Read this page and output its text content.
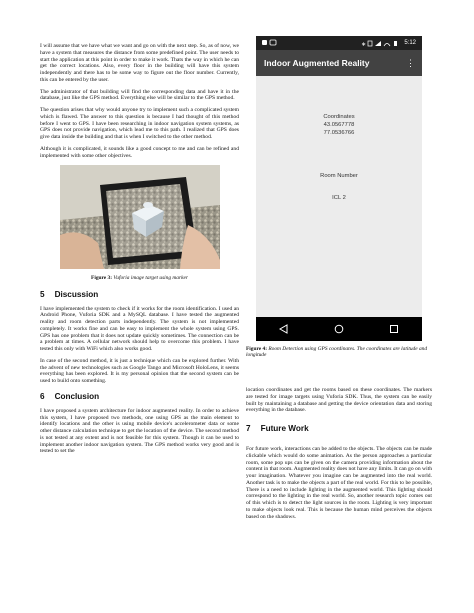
I will assume that we have what we want and go on with the next step. So, as of now, we have a system that measures the distance from some predefined point. The user needs to start the application at this point in order to make it work. Thats the way in which he can get the correct locations. Also, every floor in the building will have this system independently and there has to be some way to figure out the floor number. Currently, this can be entered by the user.

The administrator of that building will find the corresponding data and have it in the database, just like the GPS method. Everything else will be similar to the GPS method.

The question arises that why would anyone try to implement such a complicated system which is flawed. The answer to this question is because I had thought of this method before I went to GPS. I have been researching in indoor navigation system systems, as GPS does not provide navigation, which lead me to this path. I realized that GPS does give data inside the building and that is when I switched to the other method.

Although it is complicated, it sounds like a good concept to me and can be refined and implemented with some other objectives.

Figure 3: Vuforia image target using marker
5 Discussion

I have implemented the system to check if it works for the room identification. I used an Android Phone, Vuforia SDK and a MySQL database. I have tested the augmented reality and room detection parts independently. The system is not implemented completely. It works fine and can be easy to implement the whole system using GPS. GPS has one problem that it does not update quickly sometimes. The connection can be a problem at times. A cellular network should help to overcome this problem. I have tested this only with WiFi which also works good.

In case of the second method, it is just a technique which can be explored further. With the advent of new technologies such as Google Tango and Microsoft HoloLens, it seems everything has been explored. It is my personal opinion that the second system can be used to build onto something.

6 Conclusion

I have proposed a system architecture for indoor augmented reality. In order to achieve this system, I have proposed two methods, one using GPS as the main element to identify locations and the other is using mobile device's accelerometer data or some other distance calculation technique to get the location of the device. The second method is not tested at any extent and is not feasible for this system. Though it can be used to implement another indoor navigation system. The GPS method works very good and is tested to set the

∗	5:12
Indoor Augmented Reality	⋮
Coordinates
43.0567778
77.0536766
Room Number
ICL 2
Figure 4: Room Detection using GPS coordinates. The coordinates are latitude and longitude

location coordinates and get the rooms based on these coordinates. The markers are tested for image targets using Vuforia SDK. Thus, the system can be easily built by maintaining a database and getting the device orientation data and storing everything in the database.

7 Future Work

For future work, interactions can be added to the objects. The objects can be made clickable which would do some animation. As the person approaches a particular room, some pop ups can be given on the camera providing information about the content in that room. Augmented reality does not have any limits. It can go on with your imagination. Whatever you imagine can be augmented into the real world. Another task is to make the objects a part of the real world. For this to be possible, There is a need to include lighting in the augmented world. This lighting should correspond to the lighting in the real world. So, another research topic comes out of this which is to detect the light sources in the room. Lighting is very important to make objects look real. This is because the human mind perceives the objects based on the shadows.
